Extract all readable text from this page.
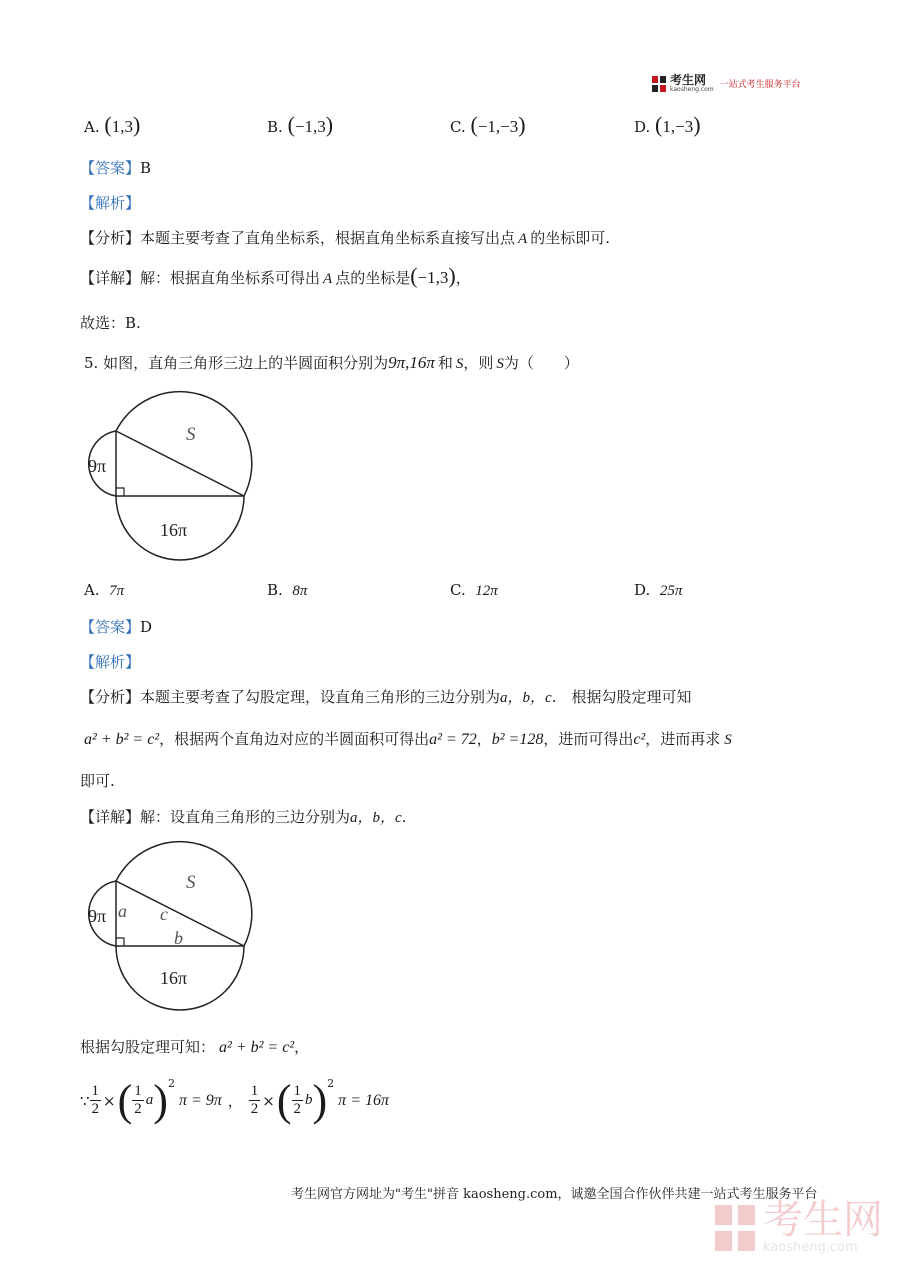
考生网
kaosheng.com 一站式考生服务平台
A. (1,3)	B. (−1,3)	C. (−1,−3)	D. (1,−3)
【答案】B
【解析】
【分析】本题主要考查了直角坐标系，根据直角坐标系直接写出点 A 的坐标即可.
【详解】解：根据直角坐标系可得出 A 点的坐标是(−1,3)，
故选：B.
5. 如图，直角三角形三边上的半圆面积分别为9π,16π 和 S，则 S为（　　）
S
9π
16π
A. 7π	B. 8π	C. 12π	D. 25π
【答案】D
【解析】
【分析】本题主要考查了勾股定理，设直角三角形的三边分别为a，b，c.　根据勾股定理可知
a² + b² = c²，根据两个直角边对应的半圆面积可得出a² = 72，b² =128，进而可得出c²，进而再求 S
即可.
【详解】解：设直角三角形的三边分别为a，b，c.
S
9π a c
b
16π
根据勾股定理可知： a² + b² = c²，
∵ $\frac{1}{2}$ × ( $\frac{1}{2}$ a )$^2$
π = 9π ， $\frac{1}{2}$ × ( $\frac{1}{2}$ b )$^2$
π = 16π
考生网官方网址为"考生"拼音 kaosheng.com，诚邀全国合作伙伴共建一站式考生服务平台
考生网
kaosheng.com
